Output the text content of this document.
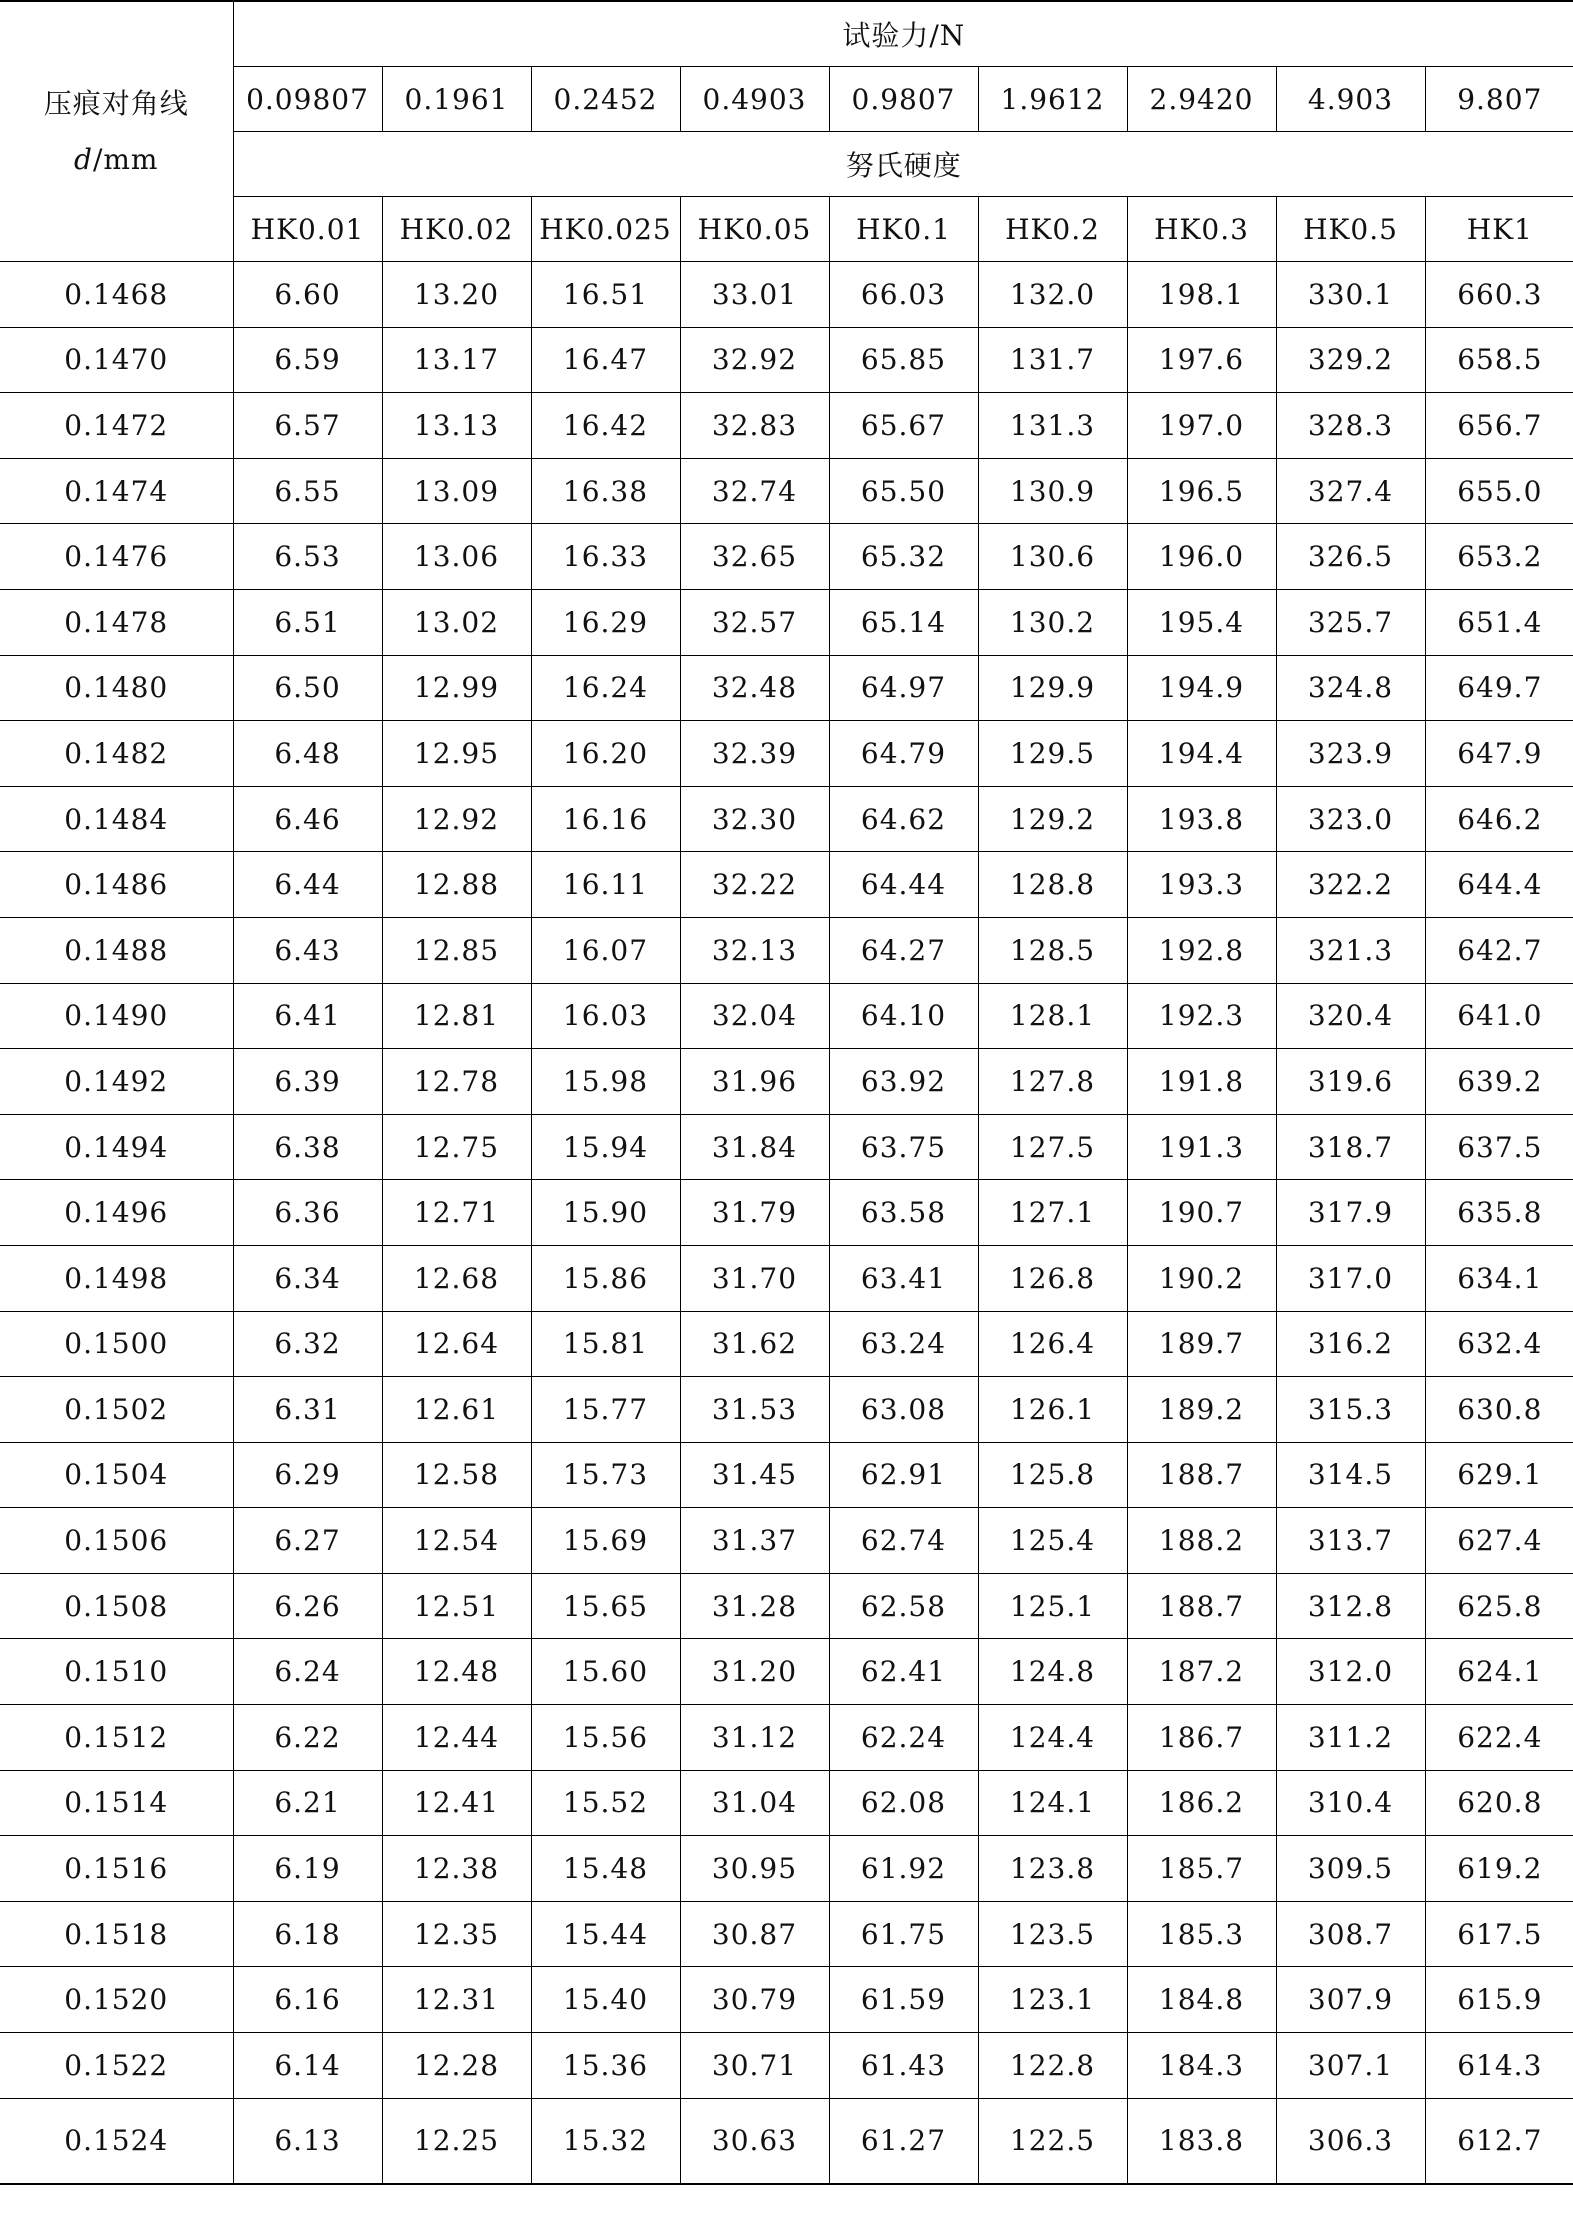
压痕对角线
d/mm	试验力/N								
	0.09807	0.1961	0.2452	0.4903	0.9807	1.9612	2.9420	4.903	9.807
	努氏硬度								
	HK0.01	HK0.02	HK0.025	HK0.05	HK0.1	HK0.2	HK0.3	HK0.5	HK1
0.1468	6.60	13.20	16.51	33.01	66.03	132.0	198.1	330.1	660.3
0.1470	6.59	13.17	16.47	32.92	65.85	131.7	197.6	329.2	658.5
0.1472	6.57	13.13	16.42	32.83	65.67	131.3	197.0	328.3	656.7
0.1474	6.55	13.09	16.38	32.74	65.50	130.9	196.5	327.4	655.0
0.1476	6.53	13.06	16.33	32.65	65.32	130.6	196.0	326.5	653.2
0.1478	6.51	13.02	16.29	32.57	65.14	130.2	195.4	325.7	651.4
0.1480	6.50	12.99	16.24	32.48	64.97	129.9	194.9	324.8	649.7
0.1482	6.48	12.95	16.20	32.39	64.79	129.5	194.4	323.9	647.9
0.1484	6.46	12.92	16.16	32.30	64.62	129.2	193.8	323.0	646.2
0.1486	6.44	12.88	16.11	32.22	64.44	128.8	193.3	322.2	644.4
0.1488	6.43	12.85	16.07	32.13	64.27	128.5	192.8	321.3	642.7
0.1490	6.41	12.81	16.03	32.04	64.10	128.1	192.3	320.4	641.0
0.1492	6.39	12.78	15.98	31.96	63.92	127.8	191.8	319.6	639.2
0.1494	6.38	12.75	15.94	31.84	63.75	127.5	191.3	318.7	637.5
0.1496	6.36	12.71	15.90	31.79	63.58	127.1	190.7	317.9	635.8
0.1498	6.34	12.68	15.86	31.70	63.41	126.8	190.2	317.0	634.1
0.1500	6.32	12.64	15.81	31.62	63.24	126.4	189.7	316.2	632.4
0.1502	6.31	12.61	15.77	31.53	63.08	126.1	189.2	315.3	630.8
0.1504	6.29	12.58	15.73	31.45	62.91	125.8	188.7	314.5	629.1
0.1506	6.27	12.54	15.69	31.37	62.74	125.4	188.2	313.7	627.4
0.1508	6.26	12.51	15.65	31.28	62.58	125.1	188.7	312.8	625.8
0.1510	6.24	12.48	15.60	31.20	62.41	124.8	187.2	312.0	624.1
0.1512	6.22	12.44	15.56	31.12	62.24	124.4	186.7	311.2	622.4
0.1514	6.21	12.41	15.52	31.04	62.08	124.1	186.2	310.4	620.8
0.1516	6.19	12.38	15.48	30.95	61.92	123.8	185.7	309.5	619.2
0.1518	6.18	12.35	15.44	30.87	61.75	123.5	185.3	308.7	617.5
0.1520	6.16	12.31	15.40	30.79	61.59	123.1	184.8	307.9	615.9
0.1522	6.14	12.28	15.36	30.71	61.43	122.8	184.3	307.1	614.3
0.1524	6.13	12.25	15.32	30.63	61.27	122.5	183.8	306.3	612.7
